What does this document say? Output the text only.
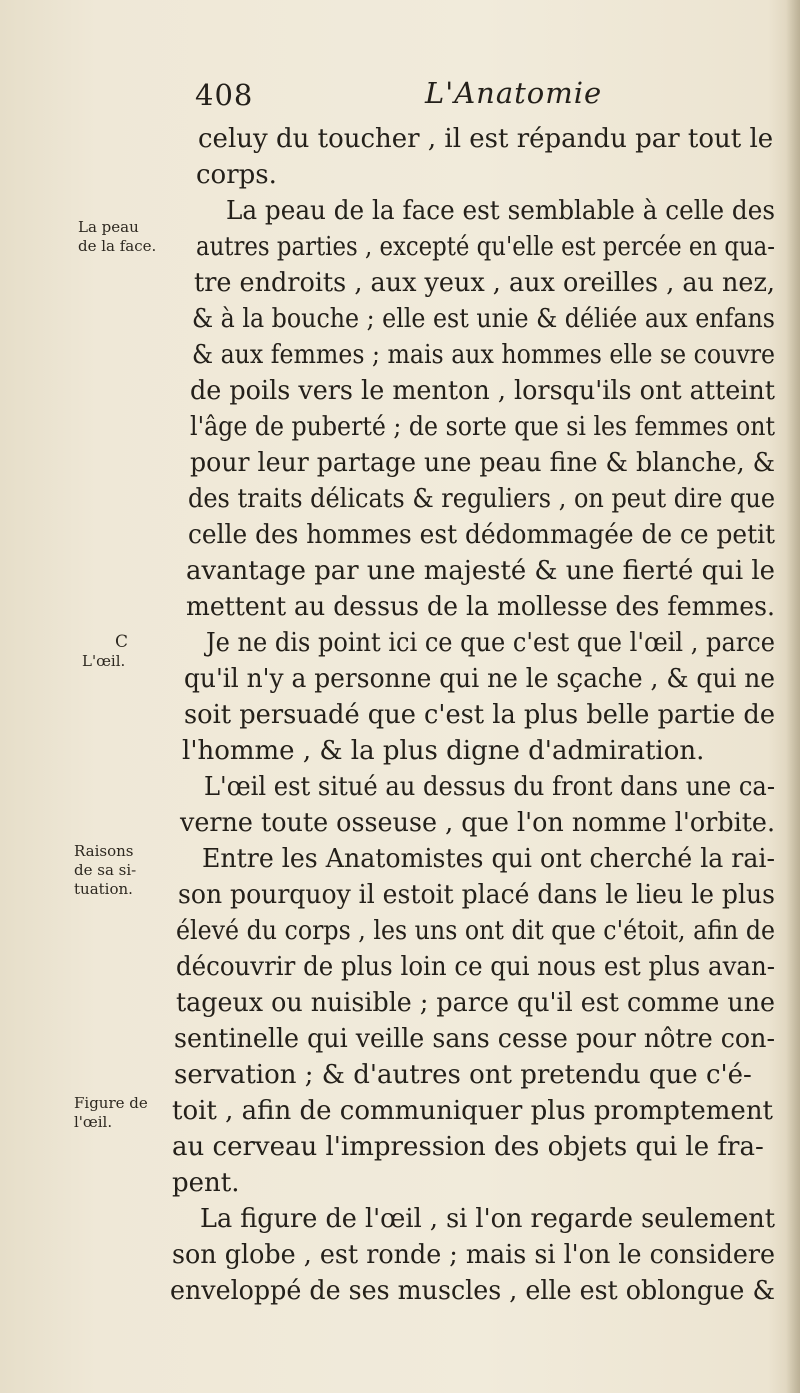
408	L'Anatomie
La peau
de la face.
C
L'œil.
Raisons
de sa si-
tuation.
Figure de
l'œil.
celuy du toucher , il est répandu par tout le
corps.
La peau de la face est semblable à celle des
autres parties , excepté qu'elle est percée en qua-
tre endroits , aux yeux , aux oreilles , au nez,
& à la bouche ; elle est unie & déliée aux enfans
& aux femmes ; mais aux hommes elle se couvre
de poils vers le menton , lorsqu'ils ont atteint
l'âge de puberté ; de sorte que si les femmes ont
pour leur partage une peau fine & blanche, &
des traits délicats & reguliers , on peut dire que
celle des hommes est dédommagée de ce petit
avantage par une majesté & une fierté qui le
mettent au dessus de la mollesse des femmes.
Je ne dis point ici ce que c'est que l'œil , parce
qu'il n'y a personne qui ne le sçache , & qui ne
soit persuadé que c'est la plus belle partie de
l'homme , & la plus digne d'admiration.
L'œil est situé au dessus du front dans une ca-
verne toute osseuse , que l'on nomme l'orbite.
Entre les Anatomistes qui ont cherché la rai-
son pourquoy il estoit placé dans le lieu le plus
élevé du corps , les uns ont dit que c'étoit, afin de
découvrir de plus loin ce qui nous est plus avan-
tageux ou nuisible ; parce qu'il est comme une
sentinelle qui veille sans cesse pour nôtre con-
servation ; & d'autres ont pretendu que c'é-
toit , afin de communiquer plus promptement
au cerveau l'impression des objets qui le fra-
pent.
La figure de l'œil , si l'on regarde seulement
son globe , est ronde ; mais si l'on le considere
enveloppé de ses muscles , elle est oblongue &
